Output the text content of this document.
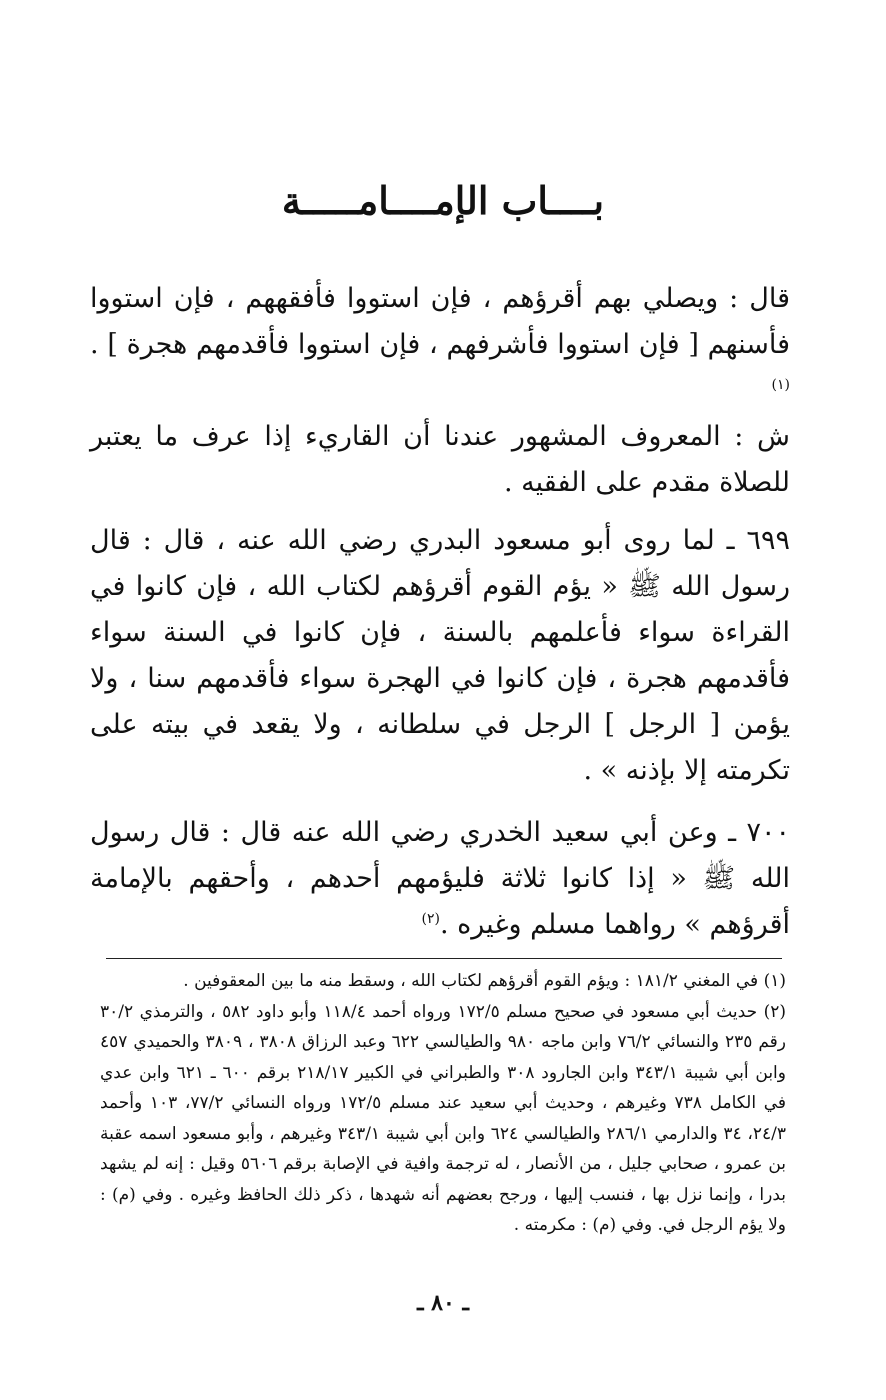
بــــاب الإمــــامـــــة
قال : ويصلي بهم أقرؤهم ، فإن استووا فأفقههم ، فإن استووا فأسنهم [ فإن استووا فأشرفهم ، فإن استووا فأقدمهم هجرة ] .$^{(١)}$
ش : المعروف المشهور عندنا أن القاريء إذا عرف ما يعتبر للصلاة مقدم على الفقيه .
٦٩٩ ـ لما روى أبو مسعود البدري رضي الله عنه ، قال : قال رسول الله ﷺ « يؤم القوم أقرؤهم لكتاب الله ، فإن كانوا في القراءة سواء فأعلمهم بالسنة ، فإن كانوا في السنة سواء فأقدمهم هجرة ، فإن كانوا في الهجرة سواء فأقدمهم سنا ، ولا يؤمن [ الرجل ] الرجل في سلطانه ، ولا يقعد في بيته على تكرمته إلا بإذنه » .
٧٠٠ ـ وعن أبي سعيد الخدري رضي الله عنه قال : قال رسول الله ﷺ « إذا كانوا ثلاثة فليؤمهم أحدهم ، وأحقهم بالإمامة أقرؤهم » رواهما مسلم وغيره .$^{(٢)}$
(١) في المغني ١٨١/٢ : ويؤم القوم أقرؤهم لكتاب الله ، وسقط منه ما بين المعقوفين .
(٢) حديث أبي مسعود في صحيح مسلم ١٧٢/٥ ورواه أحمد ١١٨/٤ وأبو داود ٥٨٢ ، والترمذي ٣٠/٢ رقم ٢٣٥ والنسائي ٧٦/٢ وابن ماجه ٩٨٠ والطيالسي ٦٢٢ وعبد الرزاق ٣٨٠٨ ، ٣٨٠٩ والحميدي ٤٥٧ وابن أبي شيبة ٣٤٣/١ وابن الجارود ٣٠٨ والطبراني في الكبير ٢١٨/١٧ برقم ٦٠٠ ـ ٦٢١ وابن عدي في الكامل ٧٣٨ وغيرهم ، وحديث أبي سعيد عند مسلم ١٧٢/٥ ورواه النسائي ٧٧/٢، ١٠٣ وأحمد ٢٤/٣، ٣٤ والدارمي ٢٨٦/١ والطيالسي ٦٢٤ وابن أبي شيبة ٣٤٣/١ وغيرهم ، وأبو مسعود اسمه عقبة بن عمرو ، صحابي جليل ، من الأنصار ، له ترجمة وافية في الإصابة برقم ٥٦٠٦ وقيل : إنه لم يشهد بدرا ، وإنما نزل بها ، فنسب إليها ، ورجح بعضهم أنه شهدها ، ذكر ذلك الحافظ وغيره . وفي (م) : ولا يؤم الرجل في. وفي (م) : مكرمته .
ـ ٨٠ ـ
